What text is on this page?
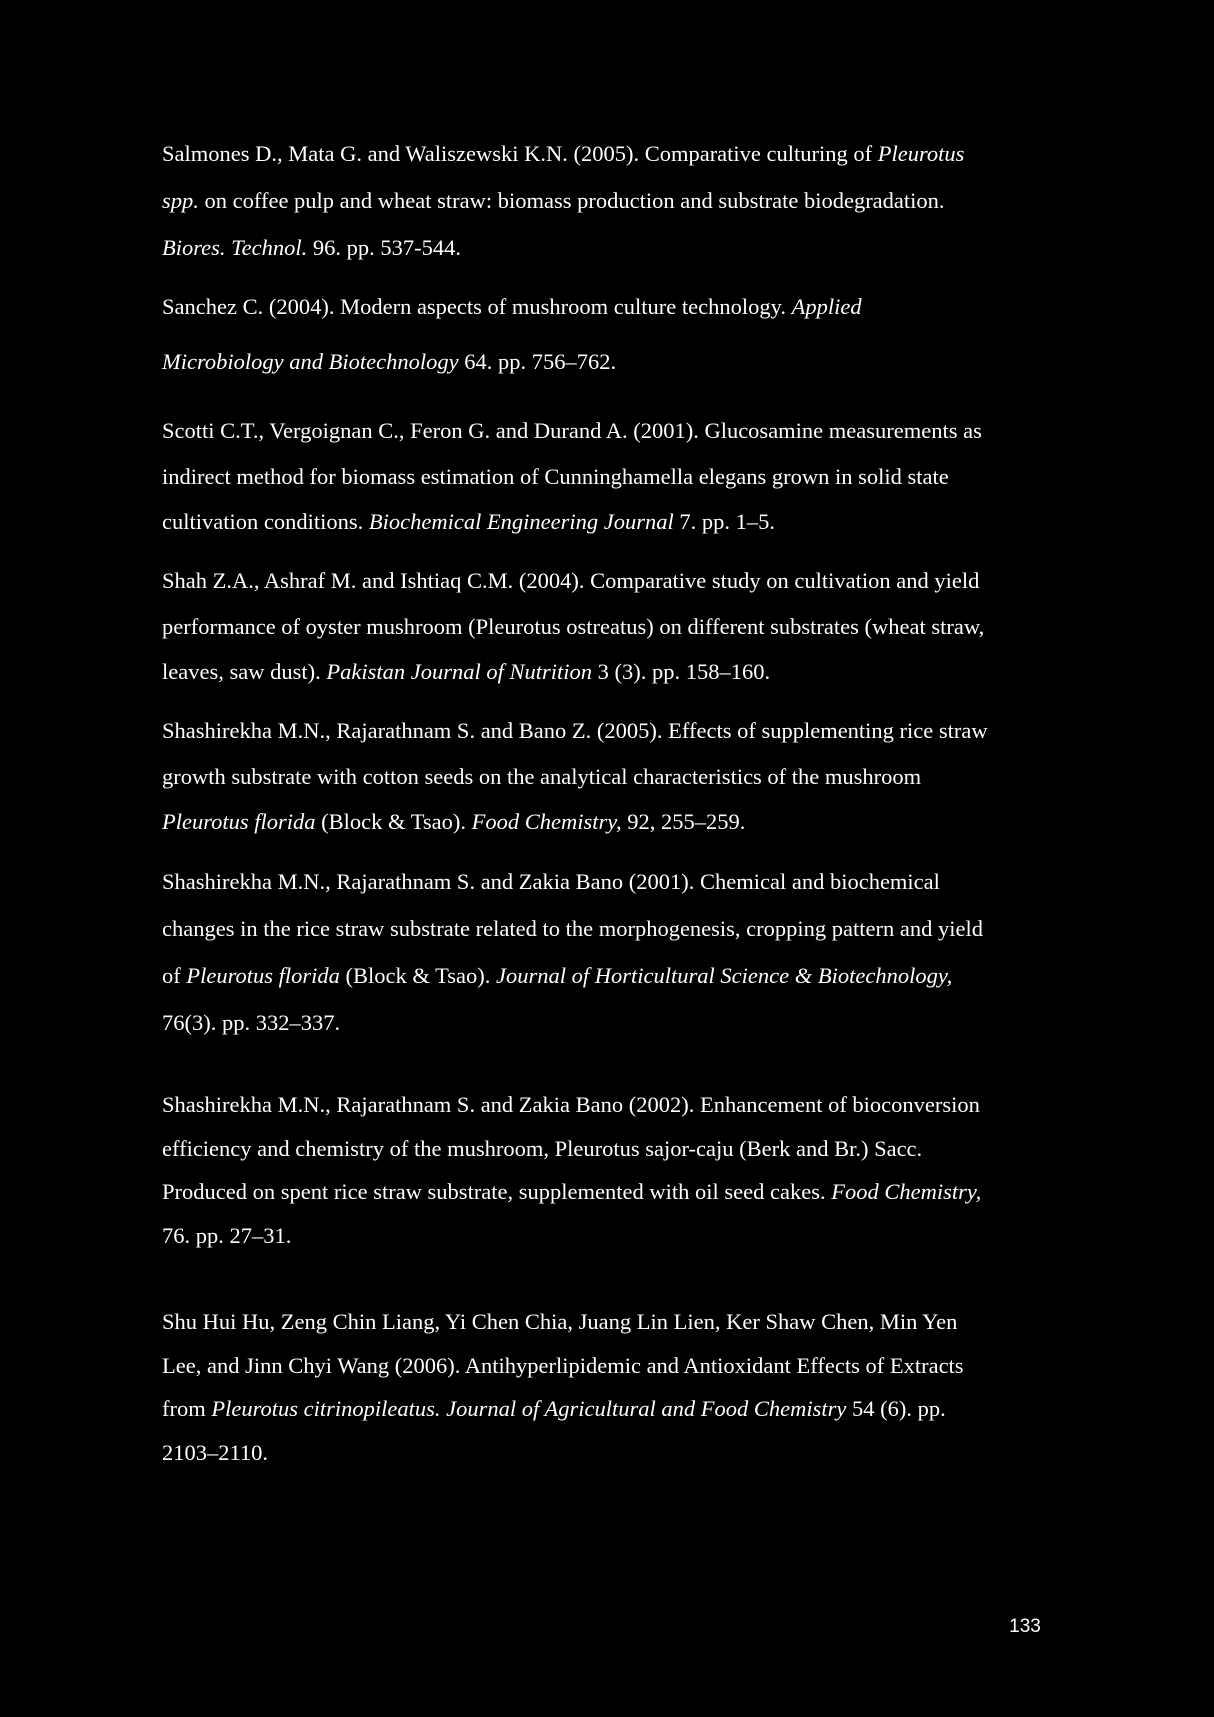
Salmones D., Mata G. and Waliszewski K.N. (2005). Comparative culturing of Pleurotus
spp. on coffee pulp and wheat straw: biomass production and substrate biodegradation.
Biores. Technol. 96. pp. 537-544.

Sanchez C. (2004). Modern aspects of mushroom culture technology. Applied
Microbiology and Biotechnology 64. pp. 756–762.

Scotti C.T., Vergoignan C., Feron G. and Durand A. (2001). Glucosamine measurements as
indirect method for biomass estimation of Cunninghamella elegans grown in solid state
cultivation conditions. Biochemical Engineering Journal 7. pp. 1–5.

Shah Z.A., Ashraf M. and Ishtiaq C.M. (2004). Comparative study on cultivation and yield
performance of oyster mushroom (Pleurotus ostreatus) on different substrates (wheat straw,
leaves, saw dust). Pakistan Journal of Nutrition 3 (3). pp. 158–160.

Shashirekha M.N., Rajarathnam S. and Bano Z. (2005). Effects of supplementing rice straw
growth substrate with cotton seeds on the analytical characteristics of the mushroom
Pleurotus florida (Block & Tsao). Food Chemistry, 92, 255–259.

Shashirekha M.N., Rajarathnam S. and Zakia Bano (2001). Chemical and biochemical
changes in the rice straw substrate related to the morphogenesis, cropping pattern and yield
of Pleurotus florida (Block & Tsao). Journal of Horticultural Science & Biotechnology,
76(3). pp. 332–337.

Shashirekha M.N., Rajarathnam S. and Zakia Bano (2002). Enhancement of bioconversion
efficiency and chemistry of the mushroom, Pleurotus sajor-caju (Berk and Br.) Sacc.
Produced on spent rice straw substrate, supplemented with oil seed cakes. Food Chemistry,
76. pp. 27–31.

Shu Hui Hu, Zeng Chin Liang, Yi Chen Chia, Juang Lin Lien, Ker Shaw Chen, Min Yen
Lee, and Jinn Chyi Wang (2006). Antihyperlipidemic and Antioxidant Effects of Extracts
from Pleurotus citrinopileatus. Journal of Agricultural and Food Chemistry 54 (6). pp.
2103–2110.

133
